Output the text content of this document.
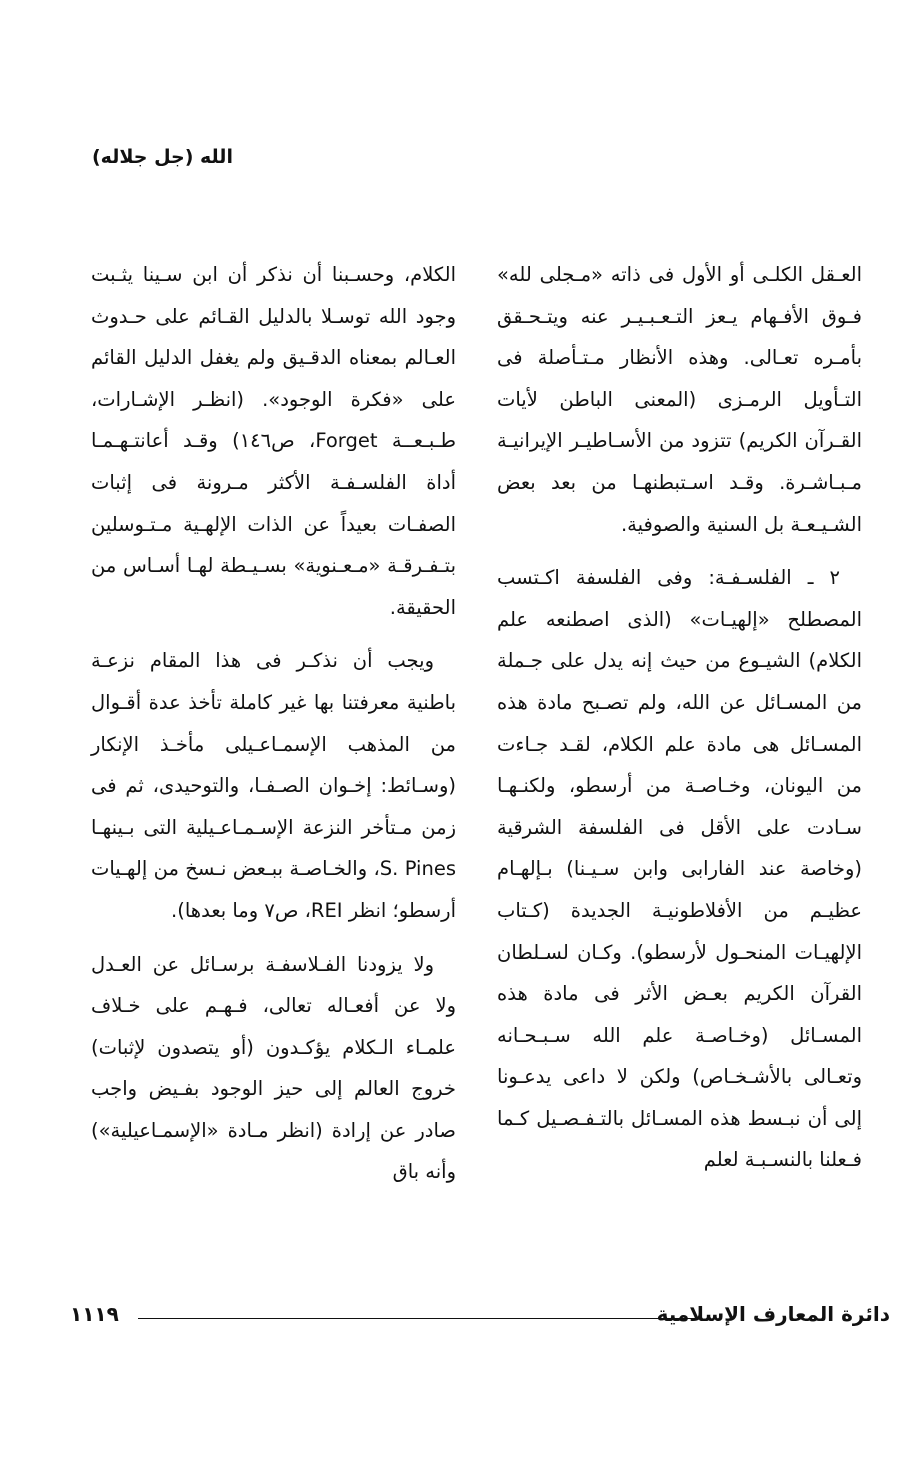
الله (جل جلاله)

العـقل الكلـى أو الأول فى ذاته «مـجلى لله» فـوق الأفـهام يـعز التـعـبـيـر عنه ويتـحـقق بأمـره تعـالى. وهذه الأنظار مـتـأصلة فى التـأويل الرمـزى (المعنى الباطن لأيات القـرآن الكريم) تتزود من الأسـاطيـر الإيرانيـة مـبـاشـرة. وقـد اسـتبطنهـا من بعد بعض الشـيـعـة بل السنية والصوفية.

٢ ـ الفلسـفـة: وفى الفلسفة اكـتسب المصطلح «إلهيـات» (الذى اصطنعه علم الكلام) الشيـوع من حيث إنه يدل على جـملة من المسـائل عن الله، ولم تصـبح مادة هذه المسـائل هى مادة علم الكلام، لقـد جـاءت من اليونان، وخـاصـة من أرسطو، ولكنـهـا سـادت على الأقل فى الفلسفة الشرقية (وخاصة عند الفارابى وابن سـيـنا) بـإلهـام عظيـم من الأفلاطونيـة الجديدة (كـتاب الإلهيـات المنحـول لأرسطو). وكـان لسـلطان القرآن الكريم بعـض الأثر فى مادة هذه المسـائل (وخـاصـة علم الله سـبـحـانه وتعـالى بالأشـخـاص) ولكن لا داعى يدعـونا إلى أن نبـسط هذه المسـائل بالتـفـصـيل كـما فـعلنا بالنسـبـة لعلم

الكلام، وحسـبنا أن نذكر أن ابن سـينا يثـبت وجود الله توسـلا بالدليل القـائم على حـدوث العـالم بمعناه الدقـيق ولم يغفل الدليل القائم على «فكرة الوجود». (انظـر الإشـارات، طـبـعــة Forget، ص١٤٦) وقـد أعانتـهـمـا أداة الفلسـفـة الأكثر مـرونة فى إثبات الصفـات بعيداً عن الذات الإلهـية مـتـوسلين بتـفـرقـة «مـعـنوية» بسـيـطة لهـا أسـاس من الحقيقة.

ويجب أن نذكـر فى هذا المقام نزعـة باطنية معرفتنا بها غير كاملة تأخذ عدة أقـوال من المذهب الإسمـاعـيلى مأخـذ الإنكار (وسـائط: إخـوان الصـفـا، والتوحيدى، ثم فى زمن مـتأخر النزعة الإسـمـاعـيلية التى بـينهـا S. Pines، والخـاصـة ببـعض نـسخ من إلهـيات أرسطو؛ انظر REI، ص٧ وما بعدها).

ولا يزودنا الفـلاسفـة برسـائل عن العـدل ولا عن أفعـاله تعالى، فـهـم على خـلاف علمـاء الـكلام يؤكـدون (أو يتصدون لإثبات) خروج العالم إلى حيز الوجود بفـيض واجب صادر عن إرادة (انظر مـادة «الإسمـاعيلية») وأنه باق

دائرة المعارف الإسلامية
١١١٩
